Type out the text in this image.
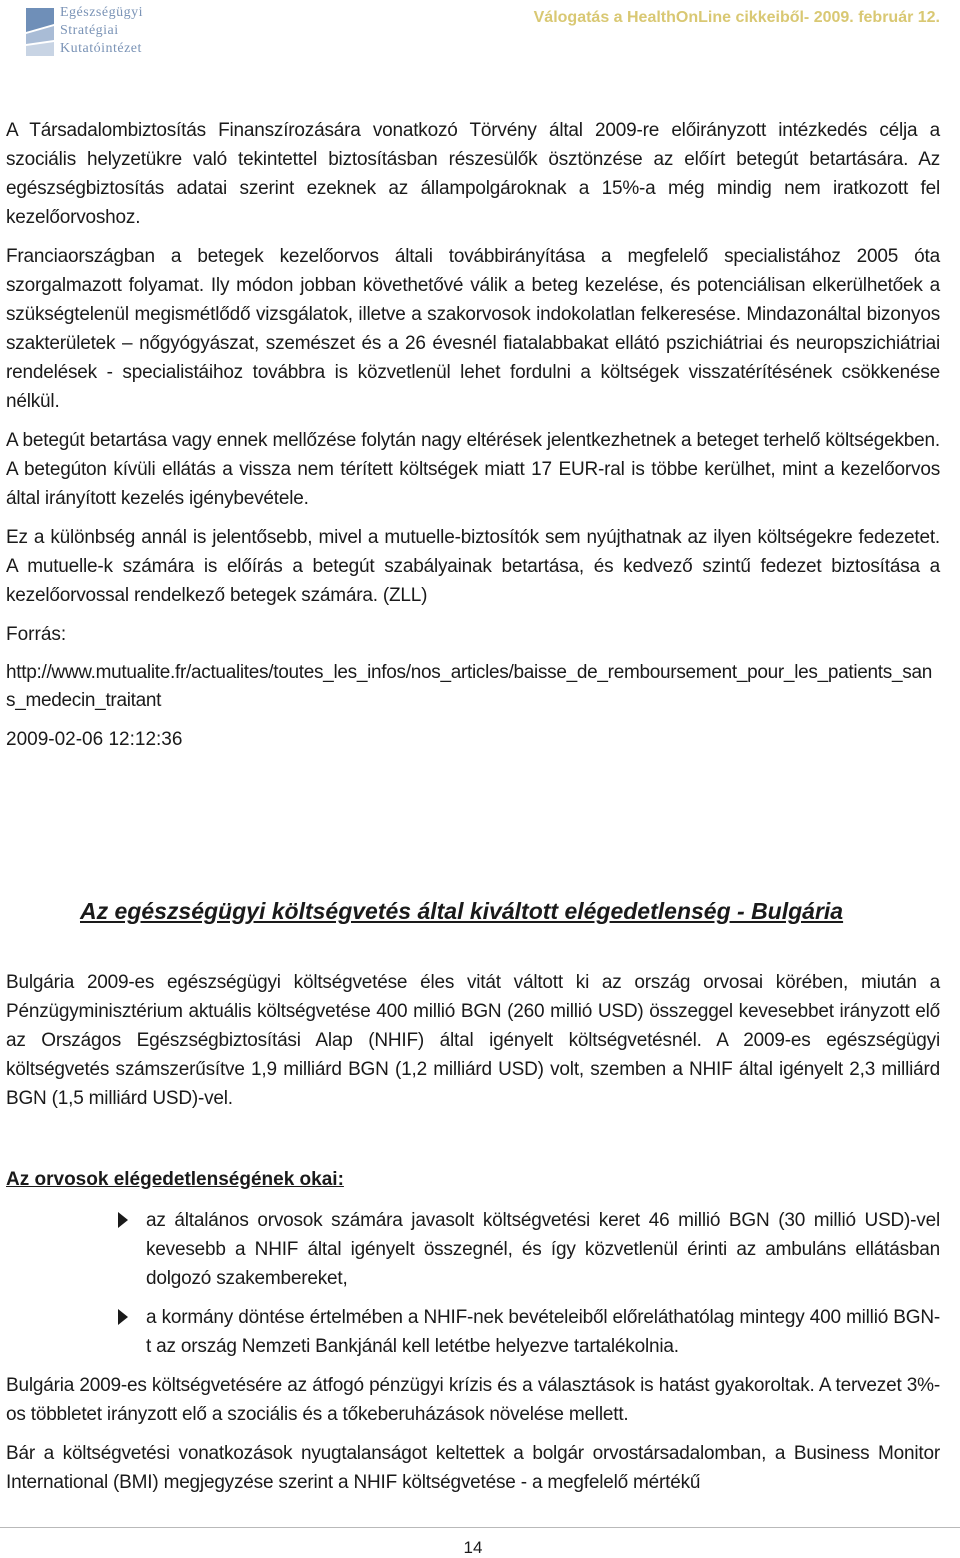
Egészségügyi
Stratégiai
Kutatóintézet
Válogatás a HealthOnLine cikkeiből- 2009. február 12.

A Társadalombiztosítás Finanszírozására vonatkozó Törvény által 2009-re előirányzott intézkedés célja a szociális helyzetükre való tekintettel biztosításban részesülők ösztönzése az előírt betegút betartására. Az egészségbiztosítás adatai szerint ezeknek az állampolgároknak a 15%-a még mindig nem iratkozott fel kezelőorvoshoz.

Franciaországban a betegek kezelőorvos általi továbbirányítása a megfelelő specialistához 2005 óta szorgalmazott folyamat. Ily módon jobban követhetővé válik a beteg kezelése, és potenciálisan elkerülhetőek a szükségtelenül megismétlődő vizsgálatok, illetve a szakorvosok indokolatlan felkeresése. Mindazonáltal bizonyos szakterületek – nőgyógyászat, szemészet és a 26 évesnél fiatalabbakat ellátó pszichiátriai és neuropszichiátriai rendelések - specialistáihoz továbbra is közvetlenül lehet fordulni a költségek visszatérítésének csökkenése nélkül.

A betegút betartása vagy ennek mellőzése folytán nagy eltérések jelentkezhetnek a beteget terhelő költségekben. A betegúton kívüli ellátás a vissza nem térített költségek miatt 17 EUR-ral is többe kerülhet, mint a kezelőorvos által irányított kezelés igénybevétele.

Ez a különbség annál is jelentősebb, mivel a mutuelle-biztosítók sem nyújthatnak az ilyen költségekre fedezetet. A mutuelle-k számára is előírás a betegút szabályainak betartása, és kedvező szintű fedezet biztosítása a kezelőorvossal rendelkező betegek számára. (ZLL)

Forrás:

http://www.mutualite.fr/actualites/toutes_les_infos/nos_articles/baisse_de_remboursement_pour_les_patients_sans_medecin_traitant

2009-02-06 12:12:36

Az egészségügyi költségvetés által kiváltott elégedetlenség - Bulgária

Bulgária 2009-es egészségügyi költségvetése éles vitát váltott ki az ország orvosai körében, miután a Pénzügyminisztérium aktuális költségvetése 400 millió BGN (260 millió USD) összeggel kevesebbet irányzott elő az Országos Egészségbiztosítási Alap (NHIF) által igényelt költségvetésnél. A 2009-es egészségügyi költségvetés számszerűsítve 1,9 milliárd BGN (1,2 milliárd USD) volt, szemben a NHIF által igényelt 2,3 milliárd BGN (1,5 milliárd USD)-vel.

Az orvosok elégedetlenségének okai:

az általános orvosok számára javasolt költségvetési keret 46 millió BGN (30 millió USD)-vel kevesebb a NHIF által igényelt összegnél, és így közvetlenül érinti az ambuláns ellátásban dolgozó szakembereket,

a kormány döntése értelmében a NHIF-nek bevételeiből előreláthatólag mintegy 400 millió BGN-t az ország Nemzeti Bankjánál kell letétbe helyezve tartalékolnia.

Bulgária 2009-es költségvetésére az átfogó pénzügyi krízis és a választások is hatást gyakoroltak. A tervezet 3%-os többletet irányzott elő a szociális és a tőkeberuházások növelése mellett.

Bár a költségvetési vonatkozások nyugtalanságot keltettek a bolgár orvostársadalomban, a Business Monitor International (BMI) megjegyzése szerint a NHIF költségvetése - a megfelelő mértékű

14
